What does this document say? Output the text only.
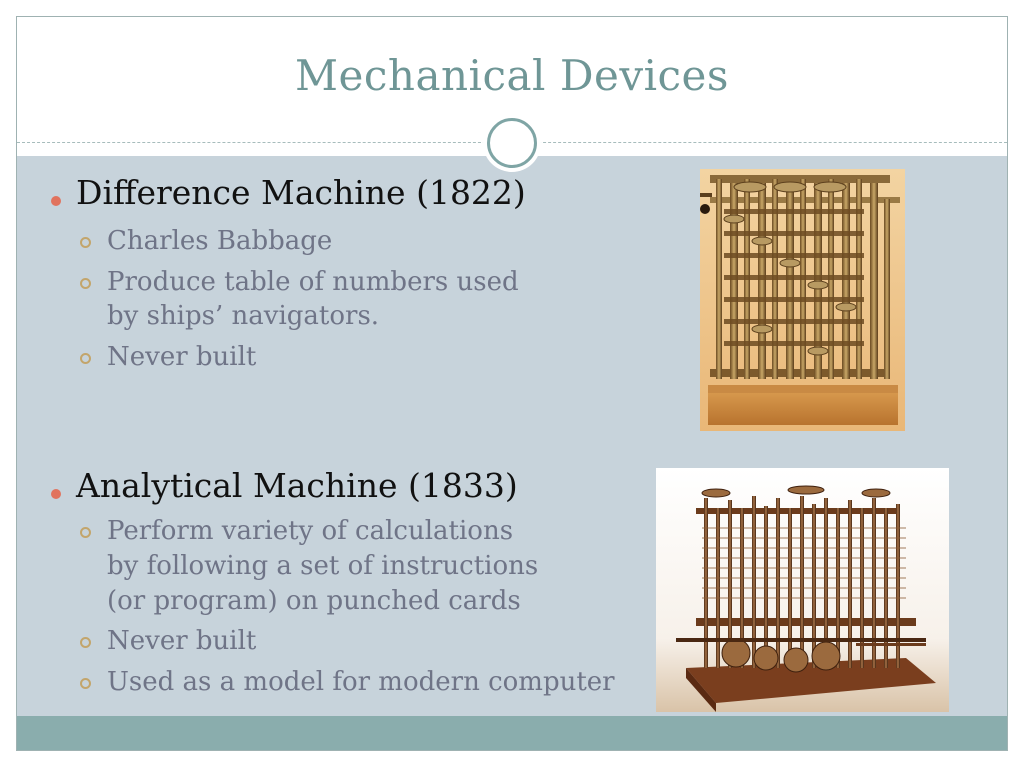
Mechanical Devices
Difference Machine (1822)
Charles Babbage
Produce table of numbers used
by ships’ navigators.
Never built
Analytical Machine (1833)
Perform variety of calculations
by following a set of instructions
(or program) on punched cards
Never built
Used as a model for modern computer
